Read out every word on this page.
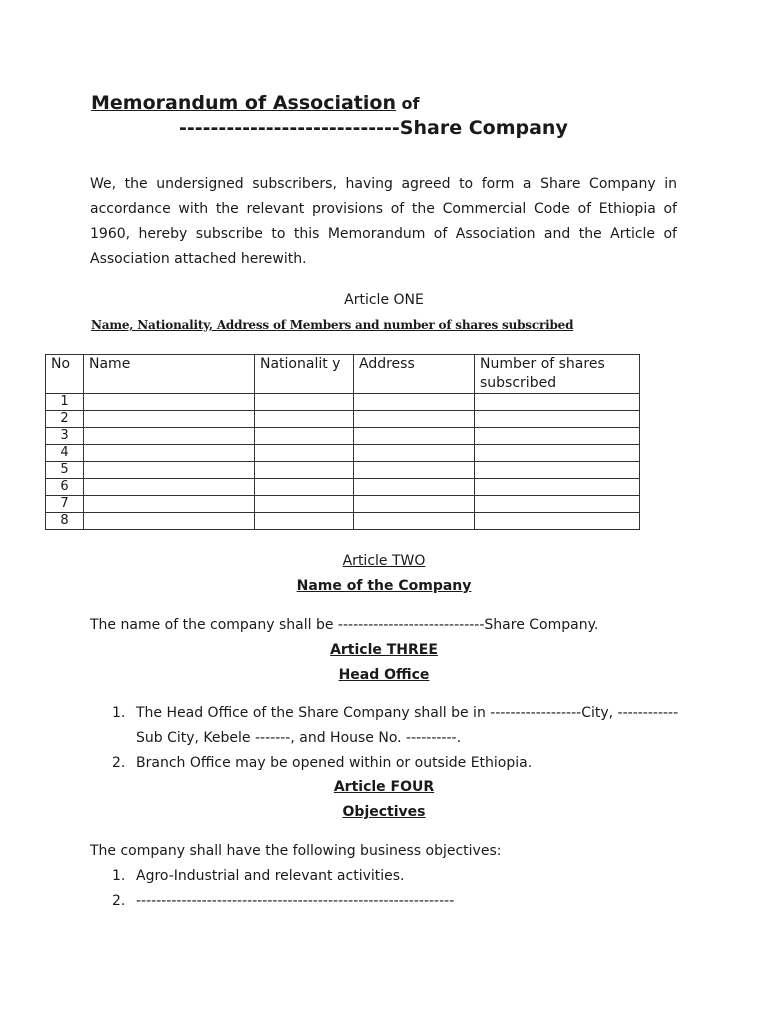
Memorandum of Association of
----------------------------Share Company
We, the undersigned subscribers, having agreed to form a Share Company in accordance with the relevant provisions of the Commercial Code of Ethiopia of 1960, hereby subscribe to this Memorandum of Association and the Article of Association attached herewith.
Article ONE
Name, Nationality, Address of Members and number of shares subscribed
No	Name	Nationalit y	Address	Number of shares subscribed
1				
2				
3				
4				
5				
6				
7				
8				
Article TWO
Name of the Company
The name of the company shall be -----------------------------Share Company.
Article THREE
Head Office
1. The Head Office of the Share Company shall be in ------------------City, ------------
Sub City, Kebele -------, and House No. ----------.
2. Branch Office may be opened within or outside Ethiopia.
Article FOUR
Objectives
The company shall have the following business objectives:
1. Agro-Industrial and relevant activities.
2. ---------------------------------------------------------------
